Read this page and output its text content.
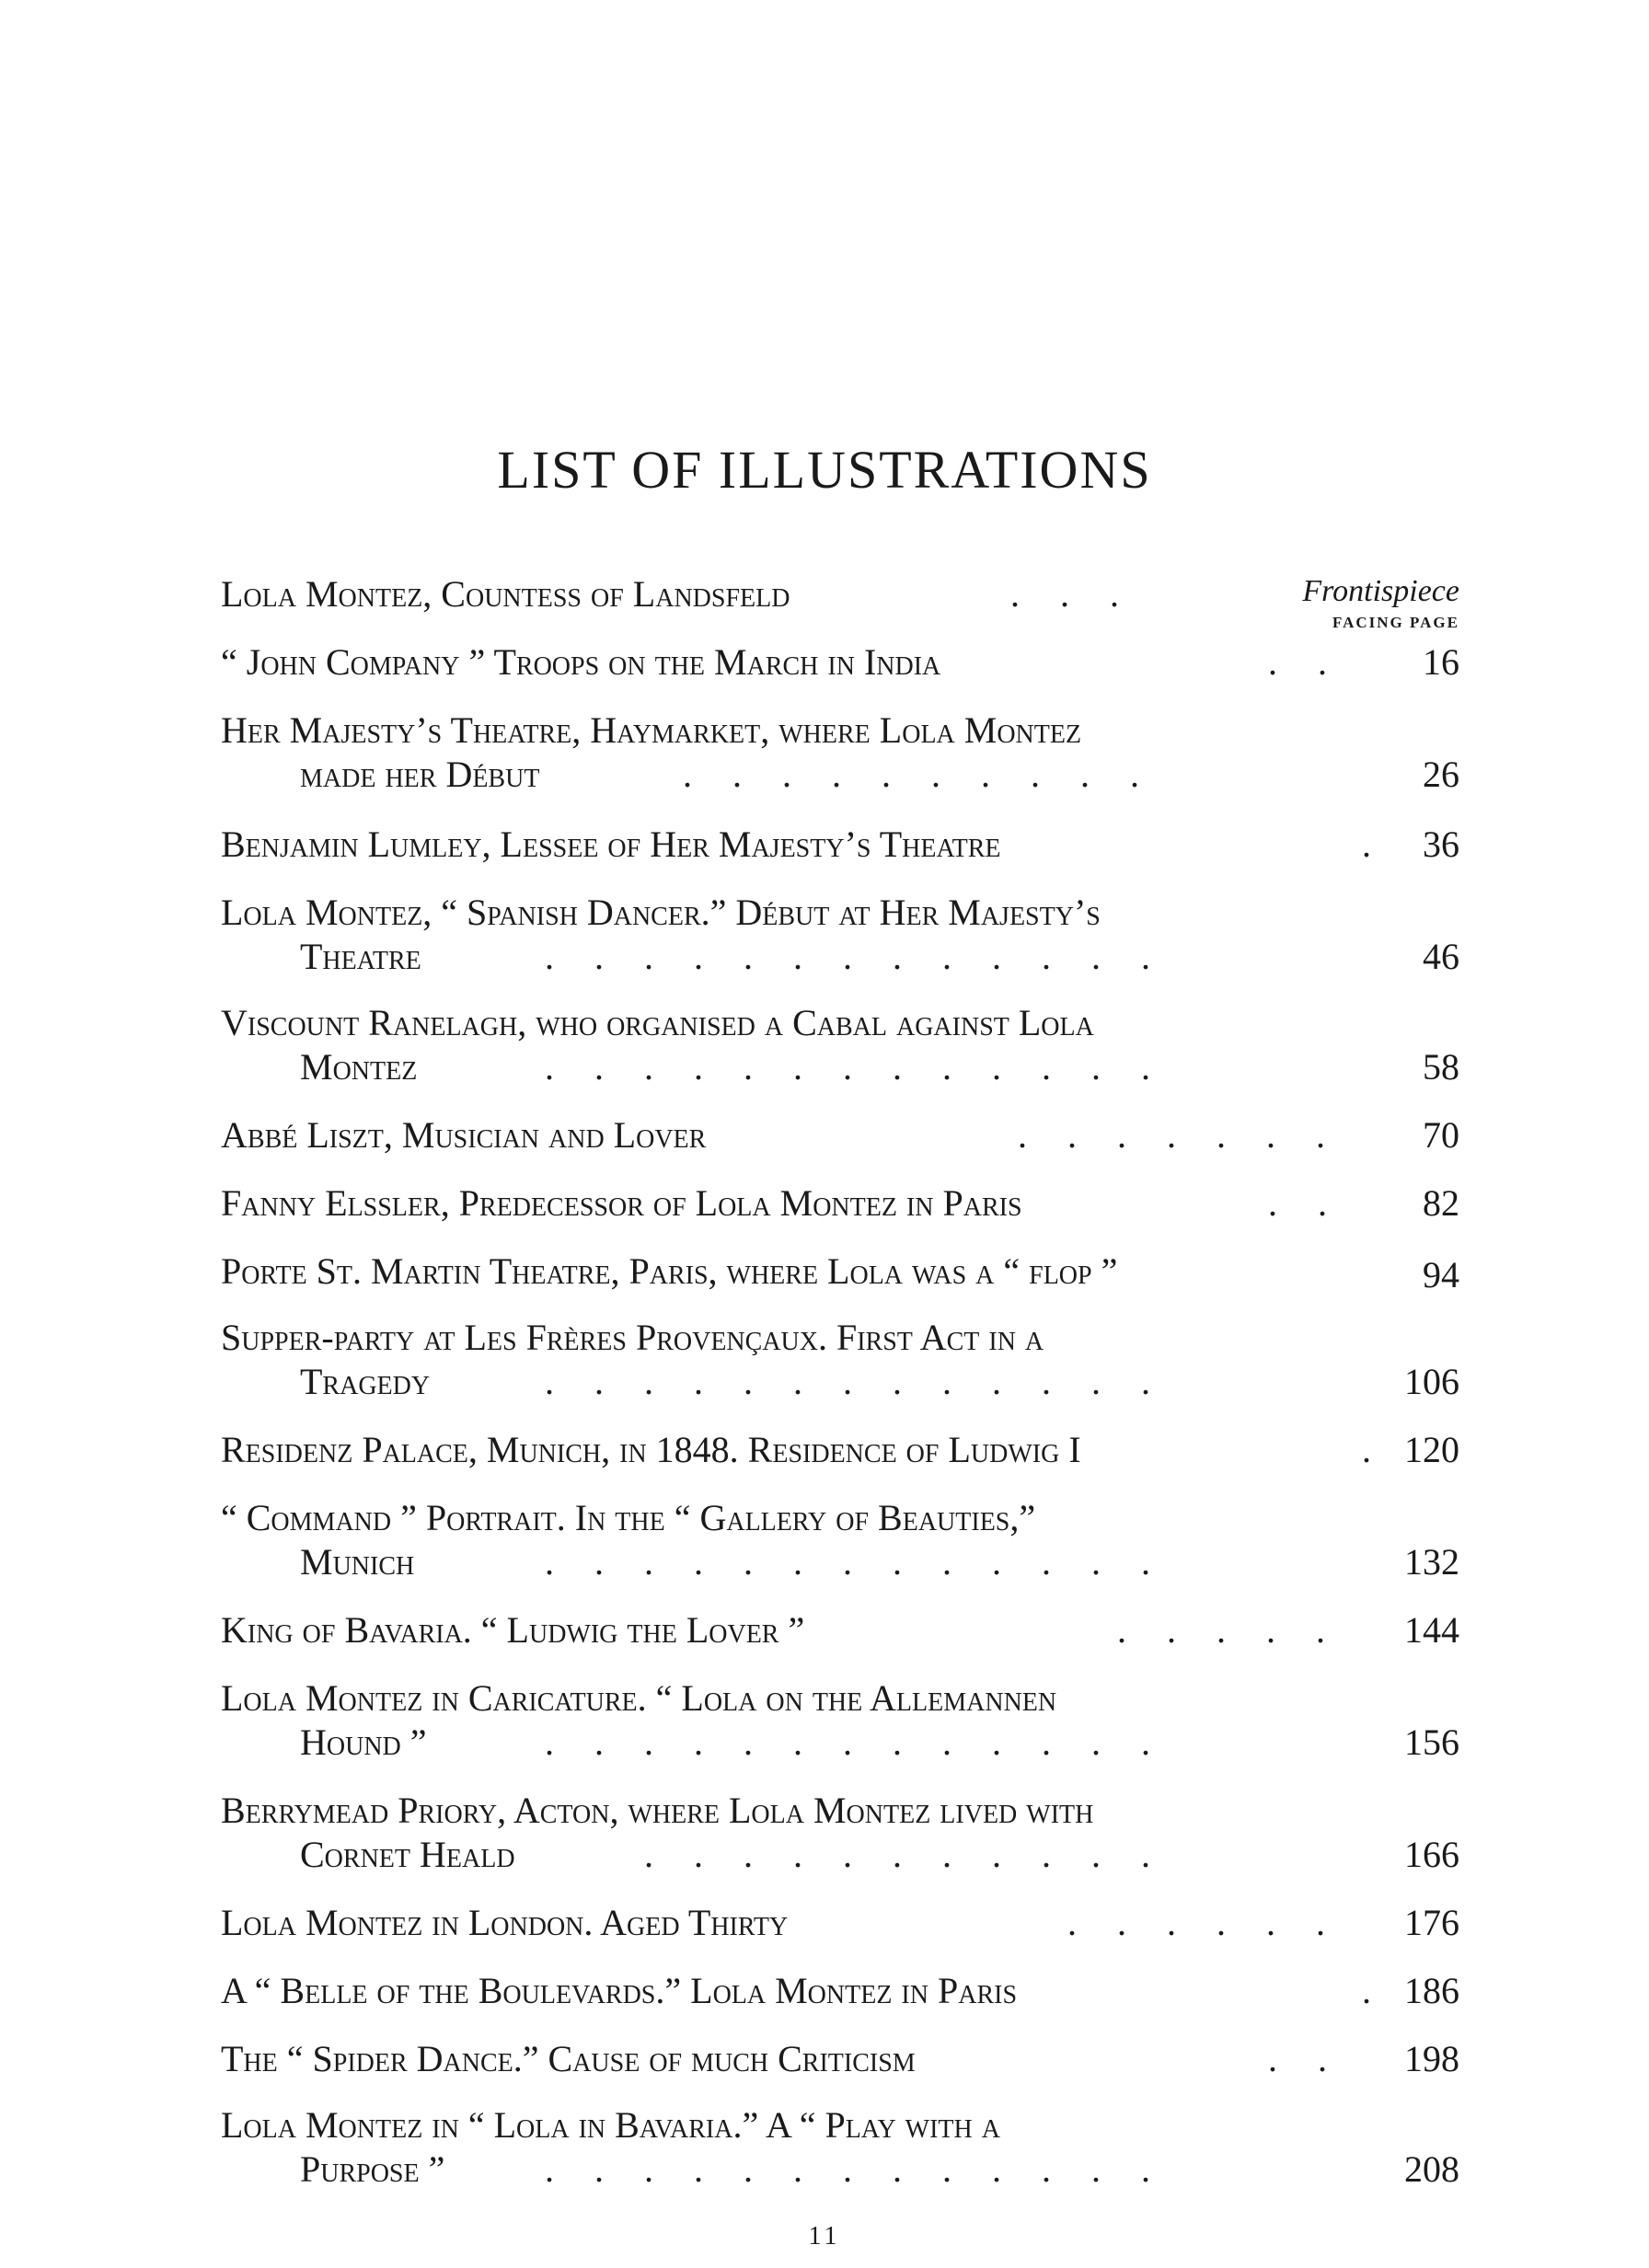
LIST OF ILLUSTRATIONS
Lola Montez, Countess of Landsfeld	. . .	Frontispiece
FACING PAGE
“ John Company ” Troops on the March in India	. .	16
Her Majesty’s Theatre, Haymarket, where Lola Montez
made her Début	. . . . . . . . . .	26
Benjamin Lumley, Lessee of Her Majesty’s Theatre	.	36
Lola Montez, “ Spanish Dancer.” Début at Her Majesty’s
Theatre	. . . . . . . . . . . . .	46
Viscount Ranelagh, who organised a Cabal against Lola
Montez	. . . . . . . . . . . . .	58
Abbé Liszt, Musician and Lover	. . . . . . .	70
Fanny Elssler, Predecessor of Lola Montez in Paris	. .	82
Porte St. Martin Theatre, Paris, where Lola was a “ flop ”	94
Supper-party at Les Frères Provençaux. First Act in a
Tragedy	. . . . . . . . . . . . .	106
Residenz Palace, Munich, in 1848. Residence of Ludwig I	. 120
“ Command ” Portrait. In the “ Gallery of Beauties,”
Munich	. . . . . . . . . . . . .	132
King of Bavaria. “ Ludwig the Lover ”	. . . . .	144
Lola Montez in Caricature. “ Lola on the Allemannen
Hound ”	. . . . . . . . . . . . .	156
Berrymead Priory, Acton, where Lola Montez lived with
Cornet Heald	. . . . . . . . . . .	166
Lola Montez in London. Aged Thirty	. . . . . .	176
A “ Belle of the Boulevards.” Lola Montez in Paris	. 186
The “ Spider Dance.” Cause of much Criticism	. .	198
Lola Montez in “ Lola in Bavaria.” A “ Play with a
Purpose ”	. . . . . . . . . . . . .	208
11
